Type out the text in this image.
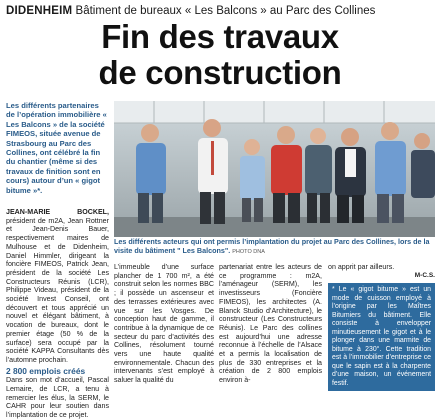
DIDENHEIM Bâtiment de bureaux « Les Balcons » au Parc des Collines
Fin des travaux
de construction
Les différents partenaires de l’opération immobilière « Les Balcons » de la société FIMEOS, située avenue de Strasbourg au Parc des Collines, ont célébré la fin du chantier (même si des travaux de finition sont en cours) autour d’un « gigot bitume »*.
Les différents acteurs qui ont permis l’implantation du projet au Parc des Collines, lors de la visite du bâtiment " Les Balcons". PHOTO DNA

JEAN-MARIE BOCKEL, président de m2A, Jean Rottner et Jean-Denis Bauer, respectivement maires de Mulhouse et de Didenheim, Daniel Himmler, dirigeant la foncière FIMEOS, Patrick Jean, président de la société Les Constructeurs Réunis (LCR), Philippe Videau, président de la société Invest Conseil, ont découvert et tous apprécié un nouvel et élégant bâtiment, à vocation de bureaux, dont le premier étage (50 % de la surface) sera occupé par la société KAPPA Consultants dès l’automne prochain.

2 800 emplois créés

Dans son mot d’accueil, Pascal Lemaire, de LCR, a tenu à remercier les élus, la SERM, le CAHR pour leur soutien dans l’implantation de ce projet.

L’immeuble d’une surface plancher de 1 700 m², a été construit selon les normes BBC ; il possède un ascenseur et des terrasses extérieures avec vue sur les Vosges. De conception haut de gamme, il contribue à la dynamique de ce secteur du parc d’activités des Collines, résolument tourné vers une haute qualité environnementale. Chacun des intervenants s’est employé à saluer la qualité du

partenariat entre les acteurs de ce programme : m2A, l’aménageur (SERM), les investisseurs (Foncière FIMEOS), les architectes (A. Blanck Studio d’Architecture), le constructeur (Les Constructeurs Réunis). Le Parc des collines est aujourd’hui une adresse reconnue à l’échelle de l’Alsace et a permis la localisation de plus de 330 entreprises et la création de 2 800 emplois environ à-

on apprit par ailleurs.

M-C.S.

* Le « gigot bitume » est un mode de cuisson employé à l’origine par les Maîtres Bitumiers du bâtiment. Elle consiste à envelopper minutieusement le gigot et à le plonger dans une marmite de bitume à 230°. Cette tradition est à l’immobilier d’entreprise ce que le sapin est à la charpente d’une maison, un événement festif.
